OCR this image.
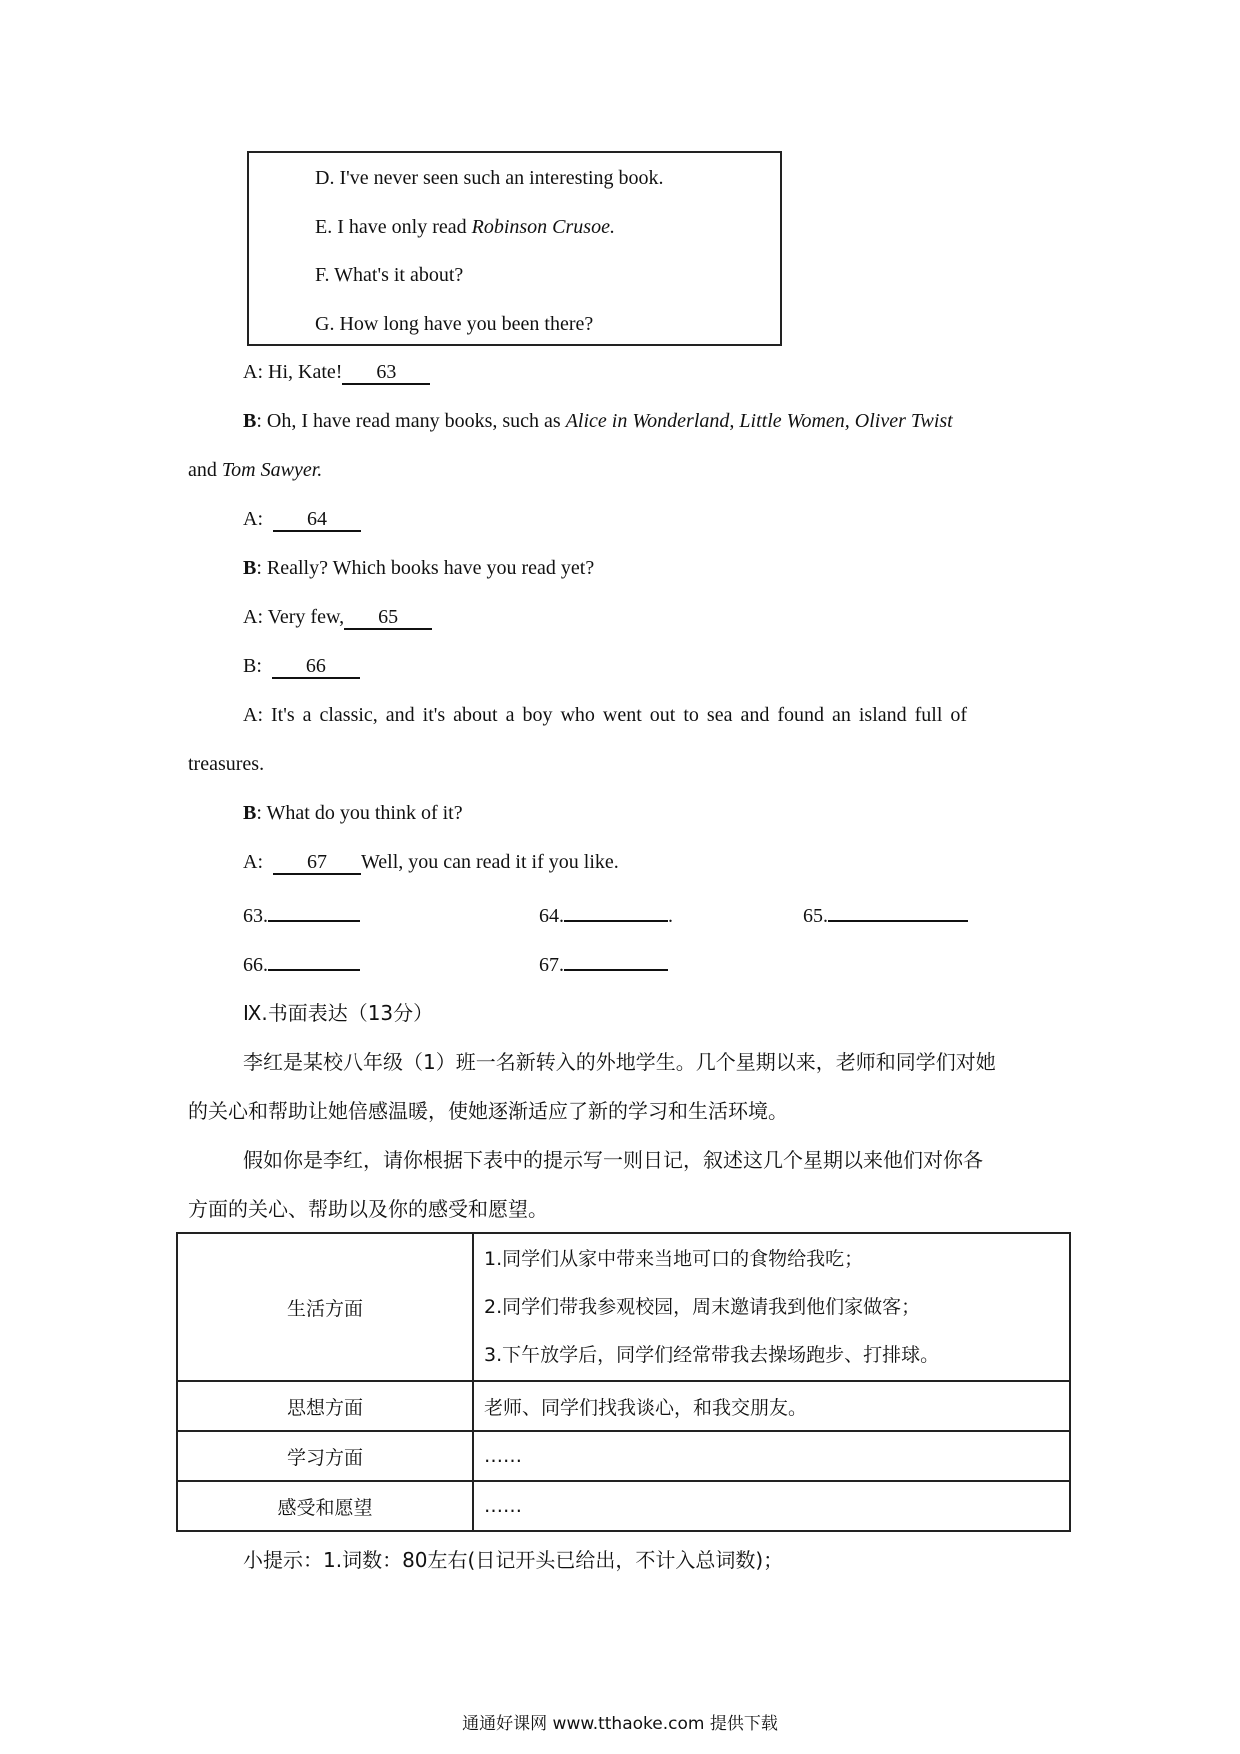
D. I've never seen such an interesting book.
E. I have only read Robinson Crusoe.
F. What's it about?
G. How long have you been there?
A: Hi, Kate! 63
B: Oh, I have read many books, such as Alice in Wonderland, Little Women, Oliver Twist
and Tom Sawyer.
A: 64
B: Really? Which books have you read yet?
A: Very few, 65
B: 66
A: It's a classic, and it's about a boy who went out to sea and found an island full of
treasures.
B: What do you think of it?
A: 67 Well, you can read it if you like.
63.	64.	.	65.
66.	67.
Ⅸ.书面表达（13分）
李红是某校八年级（1）班一名新转入的外地学生。几个星期以来，老师和同学们对她
的关心和帮助让她倍感温暖，使她逐渐适应了新的学习和生活环境。
假如你是李红，请你根据下表中的提示写一则日记，叙述这几个星期以来他们对你各
方面的关心、帮助以及你的感受和愿望。
生活方面	1.同学们从家中带来当地可口的食物给我吃；
2.同学们带我参观校园，周末邀请我到他们家做客；
3.下午放学后，同学们经常带我去操场跑步、打排球。

思想方面	老师、同学们找我谈心，和我交朋友。
学习方面	……
感受和愿望	……
小提示：1.词数：80左右(日记开头已给出，不计入总词数)；
通通好课网 www.tthaoke.com 提供下载
